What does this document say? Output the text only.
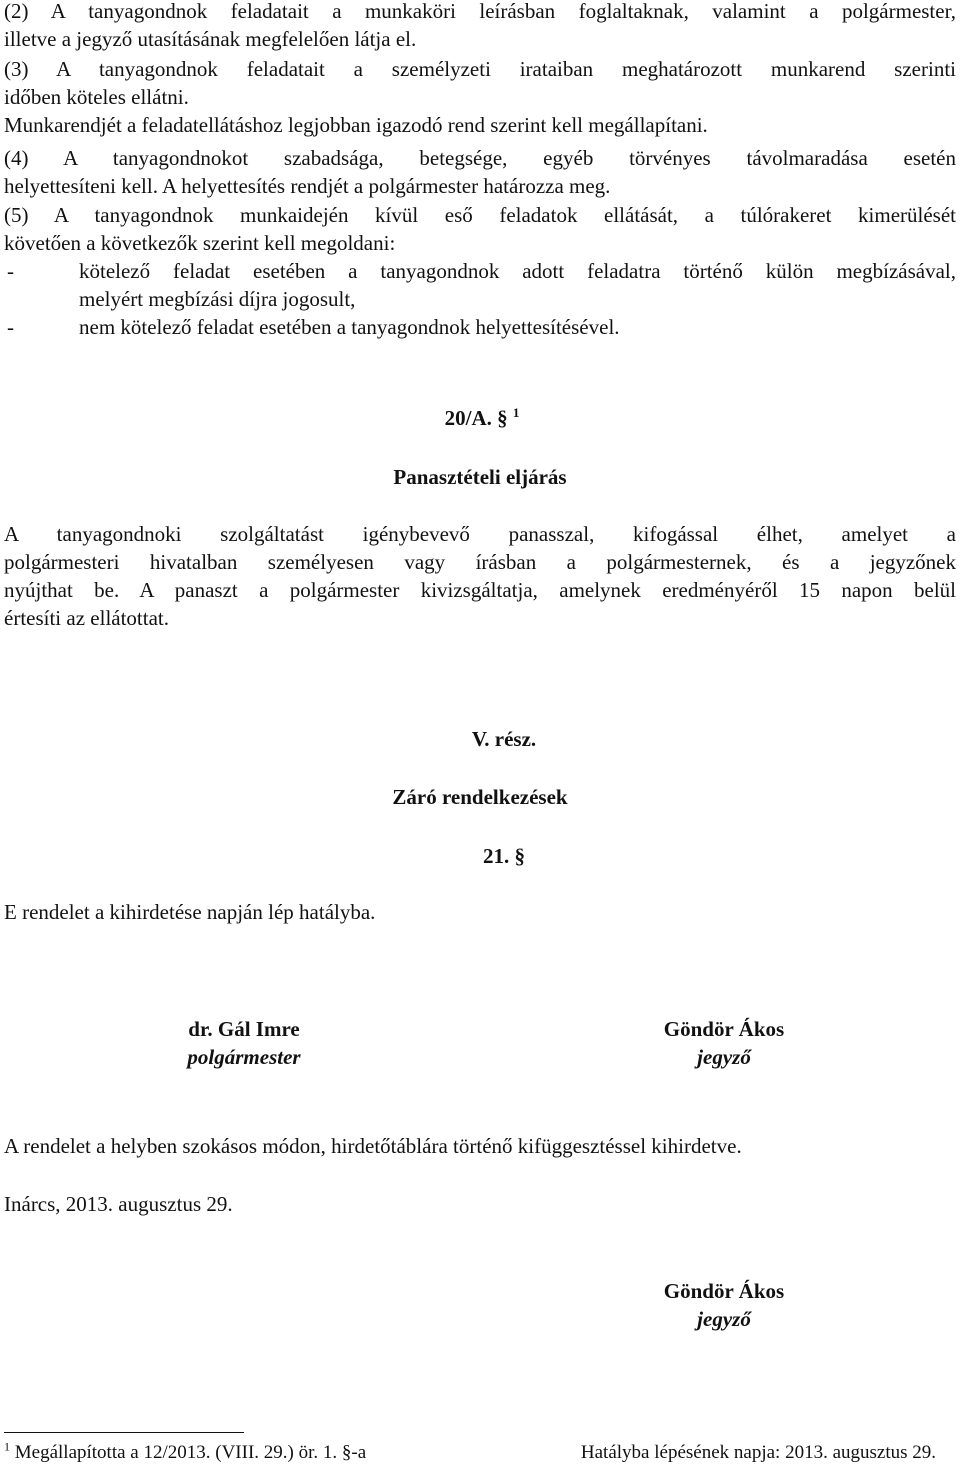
(2) A tanyagondnok feladatait a munkaköri leírásban foglaltaknak, valamint a polgármester,

illetve a jegyző utasításának megfelelően látja el.

(3) A tanyagondnok feladatait a személyzeti irataiban meghatározott munkarend szerinti

időben köteles ellátni.

Munkarendjét a feladatellátáshoz legjobban igazodó rend szerint kell megállapítani.

(4) A tanyagondnokot szabadsága, betegsége, egyéb törvényes távolmaradása esetén

helyettesíteni kell. A helyettesítés rendjét a polgármester határozza meg.

(5) A tanyagondnok munkaidején kívül eső feladatok ellátását, a túlórakeret kimerülését

követően a következők szerint kell megoldani:

-	kötelező feladat esetében a tanyagondnok adott feladatra történő külön megbízásával,

melyért megbízási díjra jogosult,

-	nem kötelező feladat esetében a tanyagondnok helyettesítésével.

20/A. § $^1$
Panasztételi eljárás

A tanyagondnoki szolgáltatást igénybevevő panasszal, kifogással élhet, amelyet a

polgármesteri hivatalban személyesen vagy írásban a polgármesternek, és a jegyzőnek

nyújthat be. A panaszt a polgármester kivizsgáltatja, amelynek eredményéről 15 napon belül

értesíti az ellátottat.

V. rész.
Záró rendelkezések
21. §

E rendelet a kihirdetése napján lép hatályba.

dr. Gál Imre
polgármester
Göndör Ákos
jegyző

A rendelet a helyben szokásos módon, hirdetőtáblára történő kifüggesztéssel kihirdetve.

Inárcs, 2013. augusztus 29.

Göndör Ákos
jegyző
$^1$ Megállapította a 12/2013. (VIII. 29.) ör. 1. §-a	Hatályba lépésének napja: 2013. augusztus 29.
